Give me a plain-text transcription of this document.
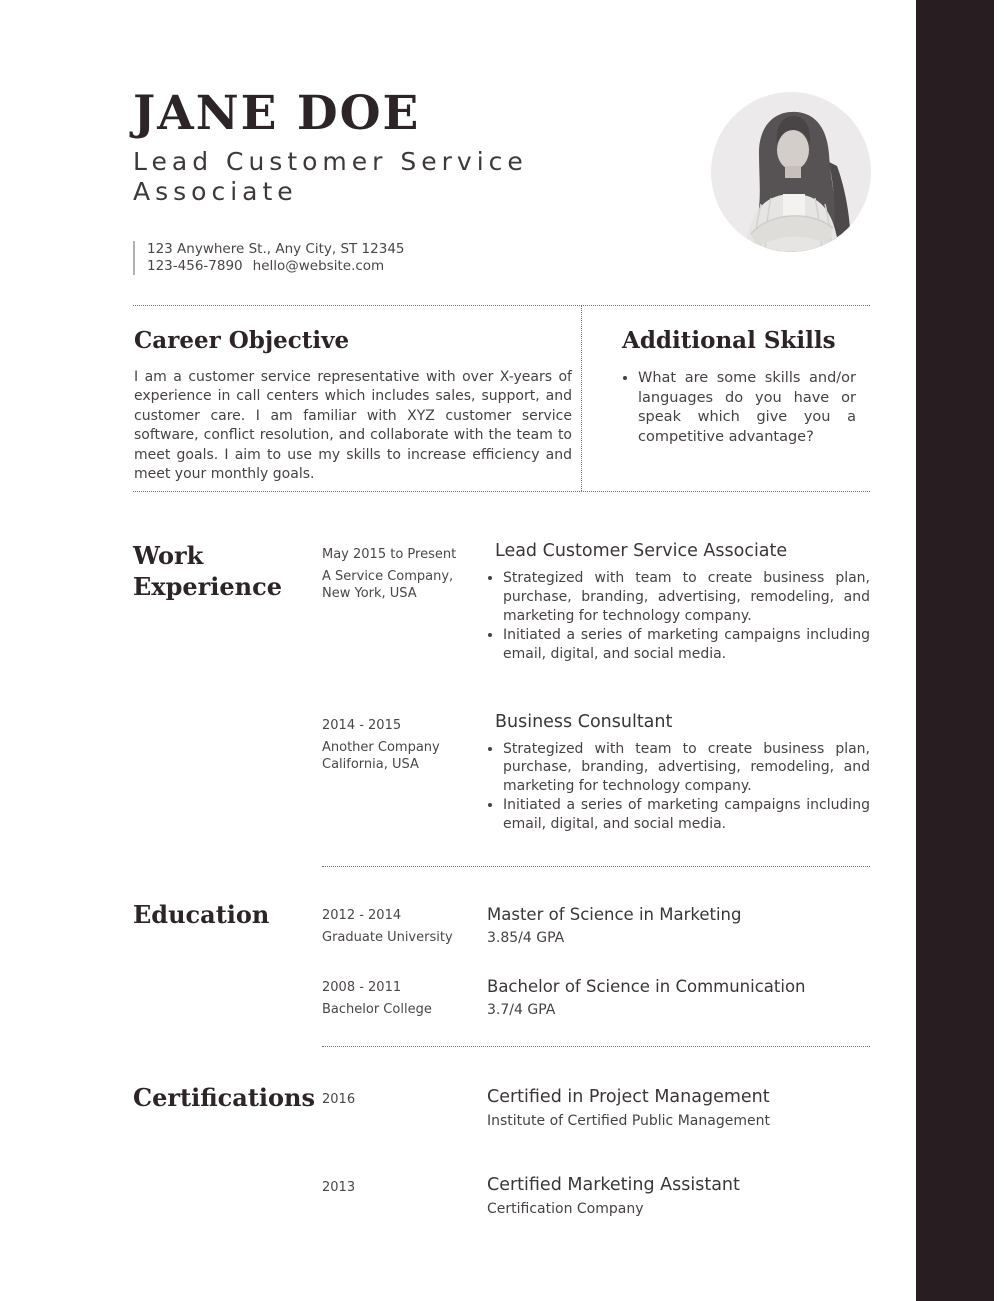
JANE DOE
Lead Customer Service Associate
123 Anywhere St., Any City, ST 12345
123-456-7890 hello@website.com
Career Objective

I am a customer service representative with over X-years of experience in call centers which includes sales, support, and customer care. I am familiar with XYZ customer service software, conflict resolution, and collaborate with the team to meet goals. I aim to use my skills to increase efficiency and meet your monthly goals.

Additional Skills
• What are some skills and/or languages do you have or speak which give you a competitive advantage?
Work Experience
May 2015 to Present
A Service Company,
New York, USA
Lead Customer Service Associate
• Strategized with team to create business plan, purchase, branding, advertising, remodeling, and marketing for technology company.
• Initiated a series of marketing campaigns including email, digital, and social media.
2014 - 2015
Another Company
California, USA
Business Consultant
• Strategized with team to create business plan, purchase, branding, advertising, remodeling, and marketing for technology company.
• Initiated a series of marketing campaigns including email, digital, and social media.
Education	2012 - 2014
Graduate University
Master of Science in Marketing
3.85/4 GPA
2008 - 2011
Bachelor College
Bachelor of Science in Communication
3.7/4 GPA
Certifications 2016	Certified in Project Management
Institute of Certified Public Management
2013	Certified Marketing Assistant
Certification Company
